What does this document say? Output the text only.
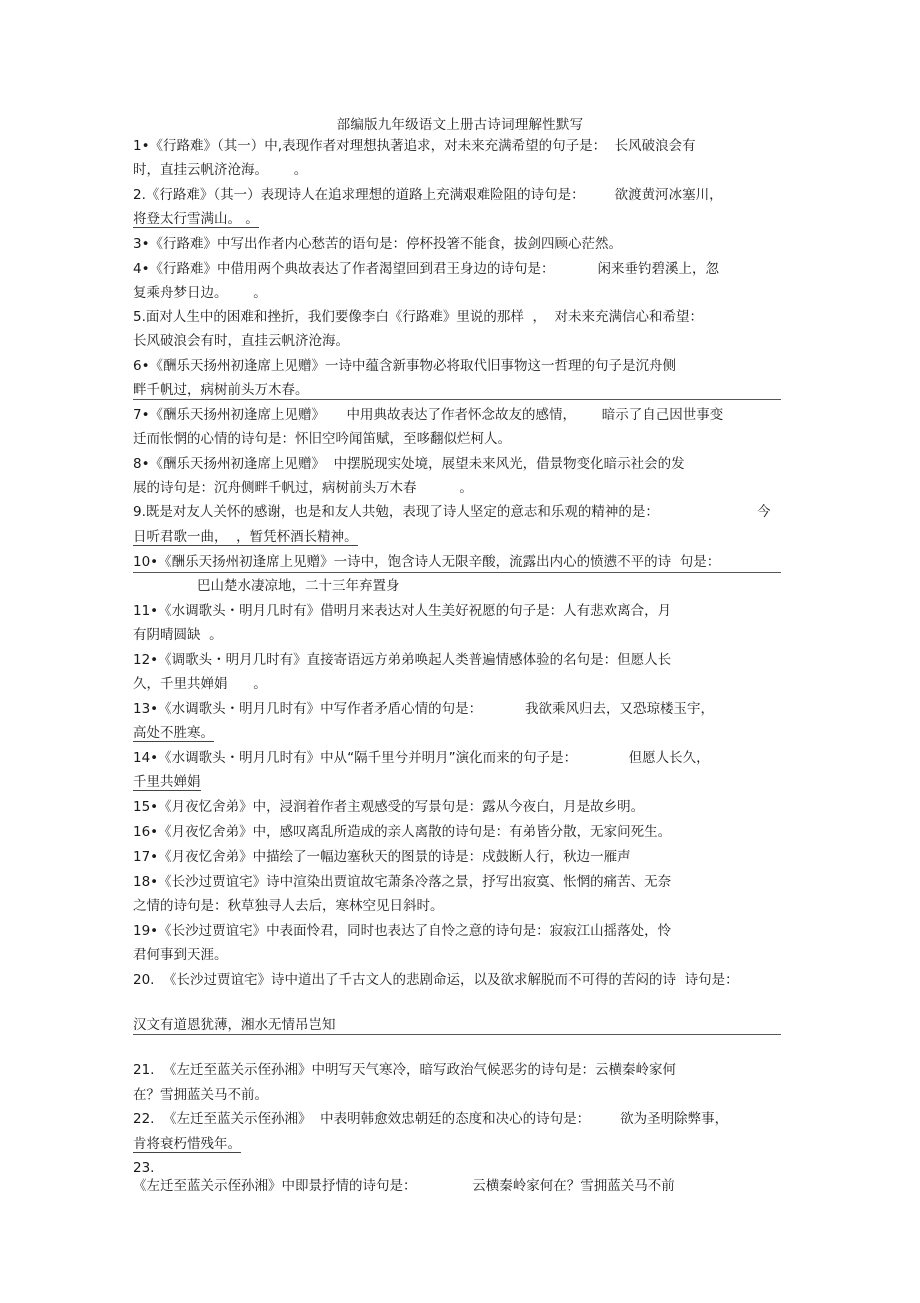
部编版九年级语文上册古诗词理解性默写
1•《行路难》（其一）中,表现作者对理想执著追求，对未来充满希望的句子是：  长风破浪会有
时，直挂云帆济沧海。      。
2.《行路难》（其一）表现诗人在追求理想的道路上充满艰难险阻的诗句是：       欲渡黄河冰塞川，
将登太行雪满山。 。
3•《行路难》中写出作者内心愁苦的语句是：停杯投箸不能食，拔剑四顾心茫然。
4•《行路难》中借用两个典故表达了作者渴望回到君王身边的诗句是：          闲来垂钓碧溪上，忽
复乘舟梦日边。      。
5.面对人生中的困难和挫折，我们要像李白《行路难》里说的那样  ，  对未来充满信心和希望：
长风破浪会有时，直挂云帆济沧海。
6•《酬乐天扬州初逢席上见赠》一诗中蕴含新事物必将取代旧事物这一哲理的句子是沉舟侧
畔千帆过，病树前头万木春。
7•《酬乐天扬州初逢席上见赠》     中用典故表达了作者怀念故友的感情，      暗示了自己因世事变
迁而怅惘的心情的诗句是：怀旧空吟闻笛赋，至哆翻似烂柯人。
8•《酬乐天扬州初逢席上见赠》  中摆脱现实处境，展望未来风光，借景物变化暗示社会的发
展的诗句是：沉舟侧畔千帆过，病树前头万木春          。
9.既是对友人关怀的感谢，也是和友人共勉，表现了诗人坚定的意志和乐观的精神的是：	今
日听君歌一曲，  ，暂凭杯酒长精神。
10•《酬乐天扬州初逢席上见赠》一诗中，饱含诗人无限辛酸，流露出内心的愤懑不平的诗  句是：
巴山楚水凄凉地，二十三年弃置身
11•《水调歌头・明月几时有》借明月来表达对人生美好祝愿的句子是：人有悲欢离合，月
有阴晴圆缺  。
12•《调歌头・明月几时有》直接寄语远方弟弟唤起人类普遍情感体验的名句是：但愿人长
久，千里共婵娟      。
13•《水调歌头・明月几时有》中写作者矛盾心情的句是：          我欲乘风归去，又恐琼楼玉宇，
高处不胜寒。
14•《水调歌头・明月几时有》中从“隔千里兮并明月”演化而来的句子是：            但愿人长久，
千里共婵娟
15•《月夜忆舍弟》中，浸润着作者主观感受的写景句是：露从今夜白，月是故乡明。
16•《月夜忆舍弟》中，感叹离乱所造成的亲人离散的诗句是：有弟皆分散，无家问死生。
17•《月夜忆舍弟》中描绘了一幅边塞秋天的图景的诗是：戍鼓断人行，秋边一雁声
18•《长沙过贾谊宅》诗中渲染出贾谊故宅萧条冷落之景，抒写出寂寞、怅惘的痛苦、无奈
之情的诗句是：秋草独寻人去后，寒林空见日斜时。
19•《长沙过贾谊宅》中表面怜君，同时也表达了自怜之意的诗句是：寂寂江山摇落处，怜
君何事到天涯。
20.  《长沙过贾谊宅》诗中道出了千古文人的悲剧命运，以及欲求解脱而不可得的苦闷的诗  诗句是：
汉文有道恩犹薄，湘水无情吊岂知
21.  《左迁至蓝关示侄孙湘》中明写天气寒冷，暗写政治气候恶劣的诗句是：云横秦岭家何
在？雪拥蓝关马不前。
22.  《左迁至蓝关示侄孙湘》  中表明韩愈效忠朝廷的态度和决心的诗句是：       欲为圣明除弊事，
肯将衰朽惜残年。
23.
《左迁至蓝关示侄孙湘》中即景抒情的诗句是：             云横秦岭家何在？雪拥蓝关马不前
